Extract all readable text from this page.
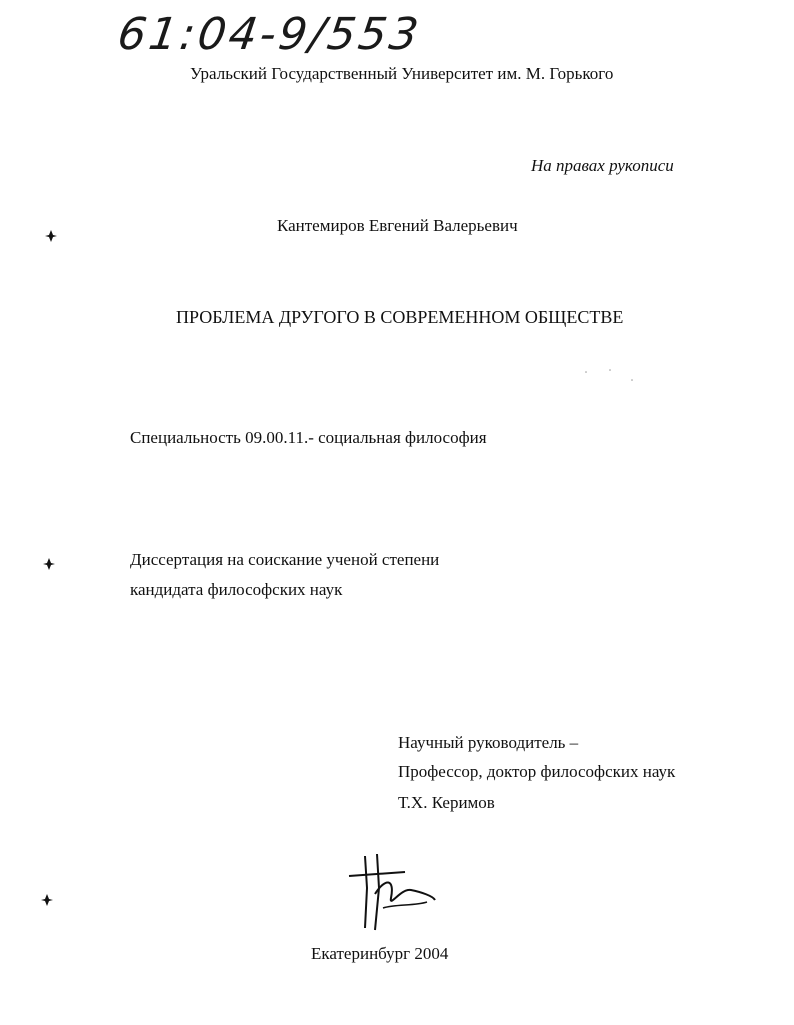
61:04-9/553
Уральский Государственный Университет им. М. Горького
На правах рукописи
Кантемиров Евгений Валерьевич
ПРОБЛЕМА ДРУГОГО В СОВРЕМЕННОМ ОБЩЕСТВЕ
Специальность 09.00.11.- социальная философия
Диссертация на соискание ученой степени
кандидата философских наук
Научный руководитель –
Профессор, доктор философских наук
Т.Х. Керимов
Екатеринбург 2004
